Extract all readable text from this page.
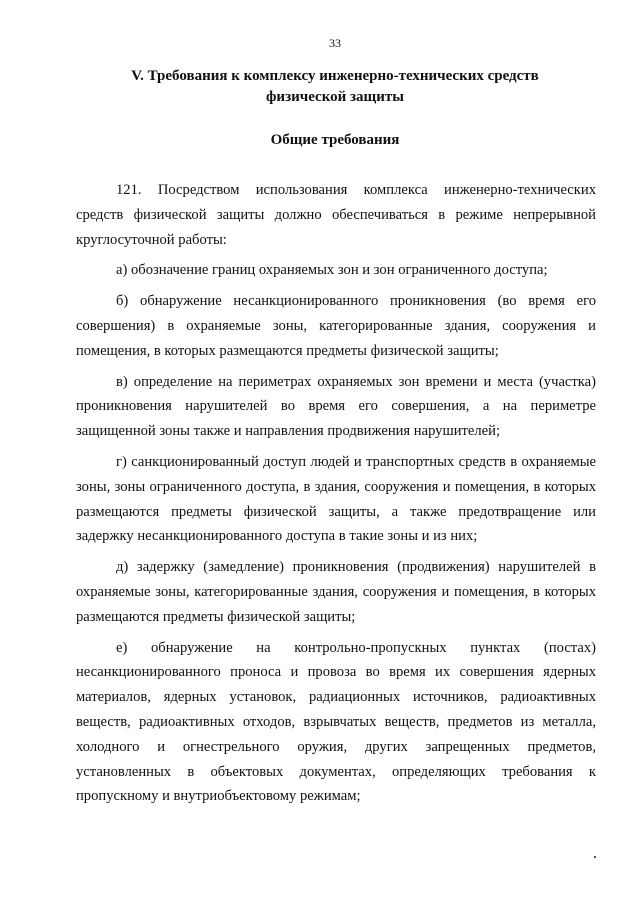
33
V. Требования к комплексу инженерно-технических средств
физической защиты
Общие требования

121. Посредством использования комплекса инженерно-технических средств физической защиты должно обеспечиваться в режиме непрерывной круглосуточной работы:

а) обозначение границ охраняемых зон и зон ограниченного доступа;

б) обнаружение несанкционированного проникновения (во время его совершения) в охраняемые зоны, категорированные здания, сооружения и помещения, в которых размещаются предметы физической защиты;

в) определение на периметрах охраняемых зон времени и места (участка) проникновения нарушителей во время его совершения, а на периметре защищенной зоны также и направления продвижения нарушителей;

г) санкционированный доступ людей и транспортных средств в охраняемые зоны, зоны ограниченного доступа, в здания, сооружения и помещения, в которых размещаются предметы физической защиты, а также предотвращение или задержку несанкционированного доступа в такие зоны и из них;

д) задержку (замедление) проникновения (продвижения) нарушителей в охраняемые зоны, категорированные здания, сооружения и помещения, в которых размещаются предметы физической защиты;

е) обнаружение на контрольно-пропускных пунктах (постах) несанкционированного проноса и провоза во время их совершения ядерных материалов, ядерных установок, радиационных источников, радиоактивных веществ, радиоактивных отходов, взрывчатых веществ, предметов из металла, холодного и огнестрельного оружия, других запрещенных предметов, установленных в объектовых документах, определяющих требования к пропускному и внутриобъектовому режимам;
